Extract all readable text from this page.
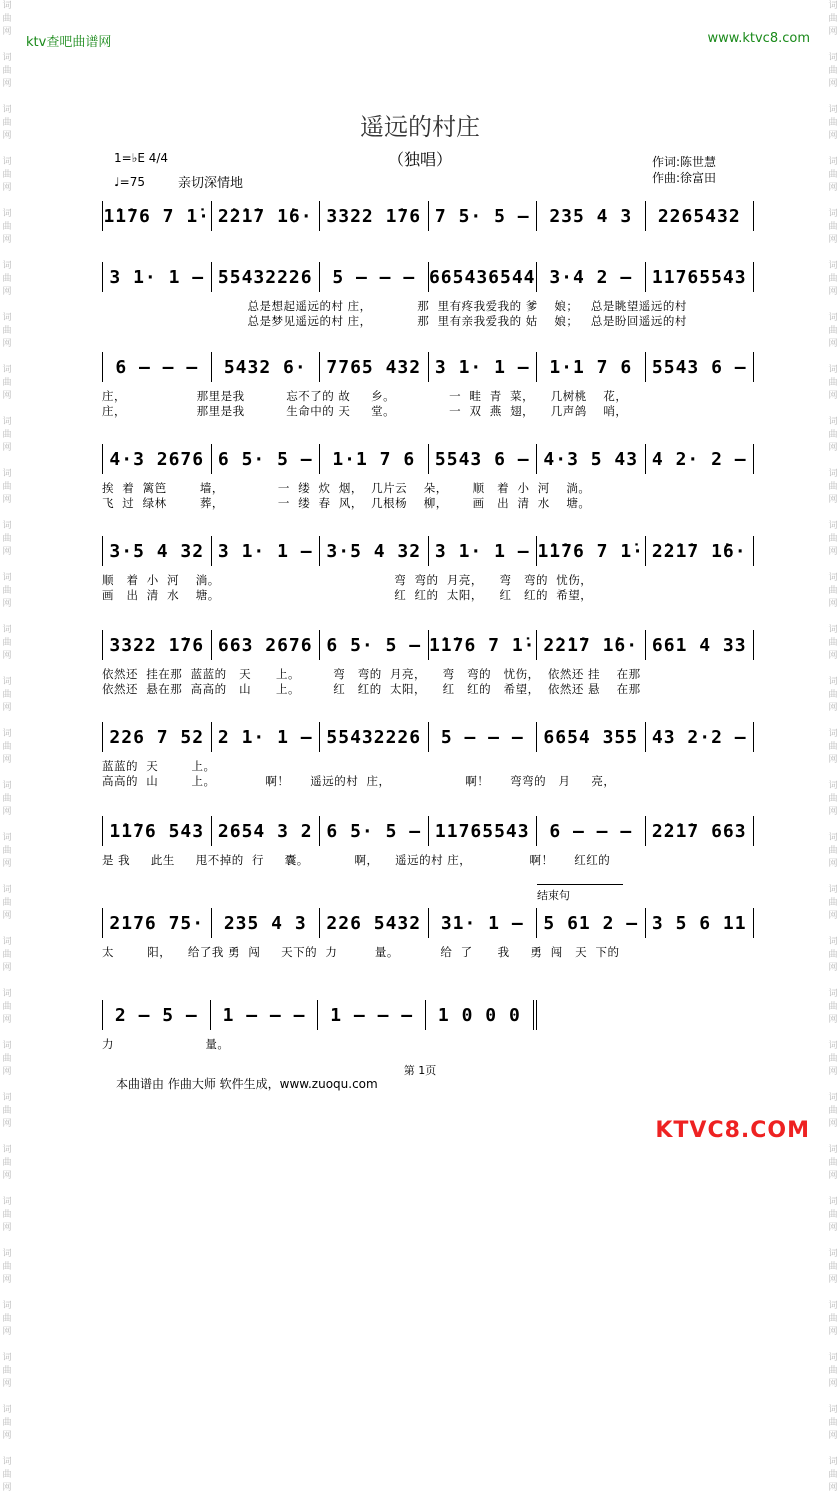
词
曲
网

词
曲
网

词
曲
网

词
曲
网

词
曲
网

词
曲
网

词
曲
网

词
曲
网

词
曲
网

词
曲
网

词
曲
网

词
曲
网

词
曲
网

词
曲
网

词
曲
网

词
曲
网

词
曲
网

词
曲
网

词
曲
网

词
曲
网

词
曲
网

词
曲
网

词
曲
网

词
曲
网

词
曲
网

词
曲
网

词
曲
网

词
曲
网

词
曲
网

词
曲
网

词
曲
网

词
曲
网

词
曲
网

词
曲
网

词
曲
网

词
曲
网

词
曲
网

词
曲
网

词
曲
网

词
曲
网

词
曲
网

词
曲
网

词
曲
网

词
曲
网

词
曲
网

词
曲
网

词
曲
网

词
曲
网

词
曲
网

词
曲
网

词
曲
网

词
曲
网

词
曲
网

词
曲
网

词
曲
网

词
曲
网

词
曲
网

词
曲
网

ktv查吧曲谱网	www.ktvc8.com
遥远的村庄
（独唱）
1=♭E 4/4
♩=75	亲切深情地
作词:陈世慧
作曲:徐富田
1̇1̇76 7 1̇· 2̇2̇1̇7 1̇6· 3322 1̇76 7 5· 5 –	235 4 3	2265432
3 1· 1 – 55432226	5 – – – 665436544 3·4 2 –	11765543
总是想起遥远的村 庄，           那  里有疼我爱我的 爹    娘；   总是眺望遥远的村
总是梦见遥远的村 庄，           那  里有亲我爱我的 姑    娘；   总是盼回遥远的村
6 – – –	5432 6·	7765 432 3 1· 1 –	1·1 7 6	5543 6 –
庄，                 那里是我          忘不了的 故     乡。             一  畦  青  菜，    几树桃    花，
庄，                 那里是我          生命中的 天     堂。             一  双  燕  翅，    几声鸽    哨，
4·3 2676 6 5· 5 –	1·1 7 6	5543 6 – 4·3 5 43 4 2· 2 –
挨  着  篱笆        墙，             一  缕  炊  烟，  几片云    朵，      顺   着  小  河    淌。
飞  过  绿林        葬，             一  缕  春  风，  几根杨    柳，      画   出  清  水    塘。
3·5 4 32 3 1· 1 – 3·5 4 32 3 1· 1 – 1̇1̇76 7 1̇· 2̇2̇1̇7 1̇6·
顺   着  小  河    淌。                                          弯  弯的  月亮，    弯   弯的  忧伤，
画   出  清  水    塘。                                          红  红的  太阳，    红   红的  希望，
3322 1̇76 663 2676 6 5· 5 – 1̇1̇76 7 1̇· 2̇2̇1̇7 1̇6· 661 4 33
依然还  挂在那  蓝蓝的   天      上。        弯   弯的  月亮，    弯   弯的   忧伤，  依然还 挂    在那
依然还  悬在那  高高的   山      上。        红   红的  太阳，    红   红的   希望，  依然还 悬    在那
226 7 52 2 1· 1 – 55432226	5 – – –	6654 355 43 2·2 –
蓝蓝的  天        上。
高高的  山        上。            啊！     遥远的村  庄，                  啊！     弯弯的   月     亮，
1̇1̇76 543 2654 3 2 6 5· 5 – 11765543	6 – – –	2̇2̇1̇7 663
是 我     此生     甩不掉的  行     囊。           啊，    遥远的村 庄，              啊！     红红的
2176 75·	235 4 3	226 5432	31· 1 –	5 61 2 – 3 5 6 11
太        阳，    给了我 勇  闯     天下的  力         量。          给  了      我     勇  闯   天  下的
2 – 5 –	1 – – –	1 – – –	1 0 0 0
力                      量。
结束句
第 1页
本曲谱由 作曲大师 软件生成，www.zuoqu.com
KTVC8.COM
